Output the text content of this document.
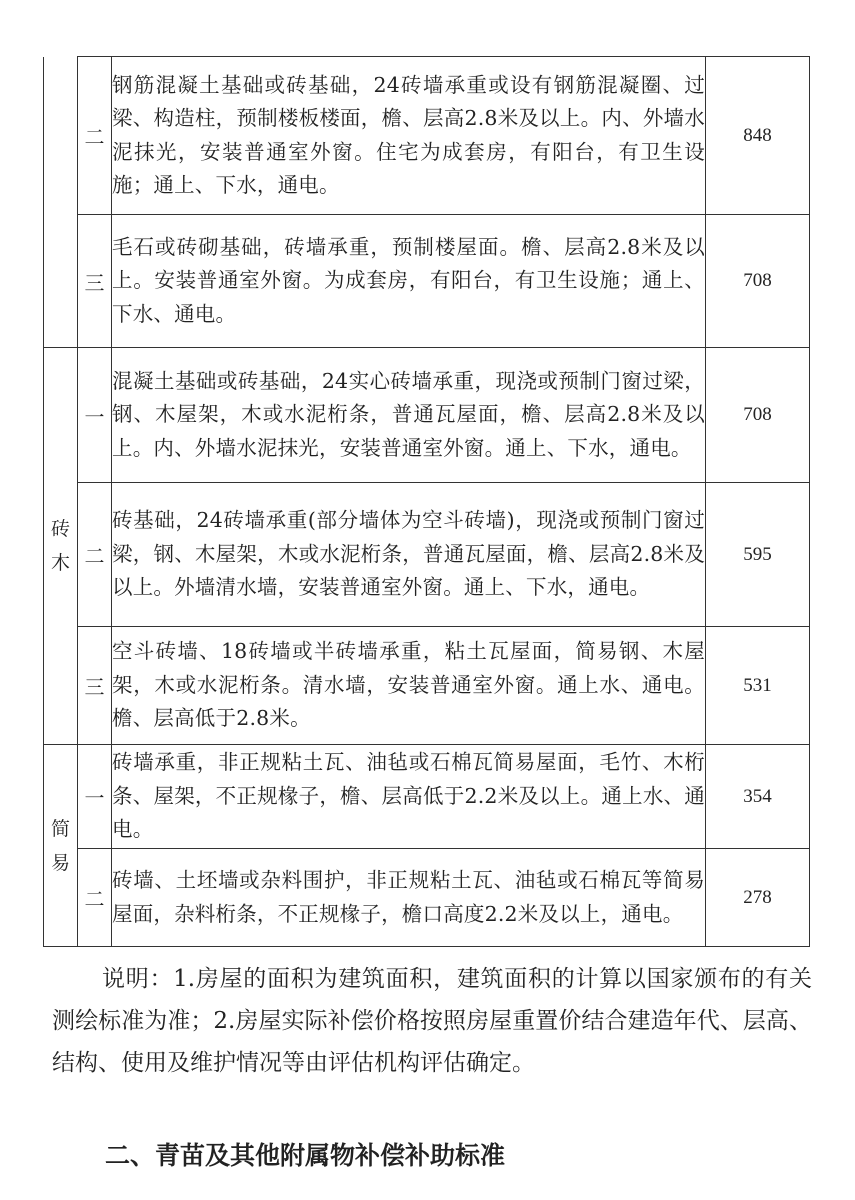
	二	钢筋混凝土基础或砖基础，24砖墙承重或设有钢筋混凝圈、过梁、构造柱，预制楼板楼面，檐、层高2.8米及以上。内、外墙水泥抹光，安装普通室外窗。住宅为成套房，有阳台，有卫生设施；通上、下水，通电。	848
	三	毛石或砖砌基础，砖墙承重，预制楼屋面。檐、层高2.8米及以上。安装普通室外窗。为成套房，有阳台，有卫生设施；通上、下水、通电。	708
砖木	一	混凝土基础或砖基础，24实心砖墙承重，现浇或预制门窗过梁，钢、木屋架，木或水泥桁条，普通瓦屋面，檐、层高2.8米及以上。内、外墙水泥抹光，安装普通室外窗。通上、下水，通电。	708
	二	砖基础，24砖墙承重(部分墙体为空斗砖墙)，现浇或预制门窗过梁，钢、木屋架，木或水泥桁条，普通瓦屋面，檐、层高2.8米及以上。外墙清水墙，安装普通室外窗。通上、下水，通电。	595
	三	空斗砖墙、18砖墙或半砖墙承重，粘土瓦屋面，简易钢、木屋架，木或水泥桁条。清水墙，安装普通室外窗。通上水、通电。檐、层高低于2.8米。	531
简易	一	砖墙承重，非正规粘土瓦、油毡或石棉瓦简易屋面，毛竹、木桁条、屋架，不正规椽子，檐、层高低于2.2米及以上。通上水、通电。	354
	二	砖墙、土坯墙或杂料围护，非正规粘土瓦、油毡或石棉瓦等简易屋面，杂料桁条，不正规椽子，檐口高度2.2米及以上，通电。	278

说明：1.房屋的面积为建筑面积，建筑面积的计算以国家颁布的有关测绘标准为准；2.房屋实际补偿价格按照房屋重置价结合建造年代、层高、结构、使用及维护情况等由评估机构评估确定。

二、青苗及其他附属物补偿补助标准
